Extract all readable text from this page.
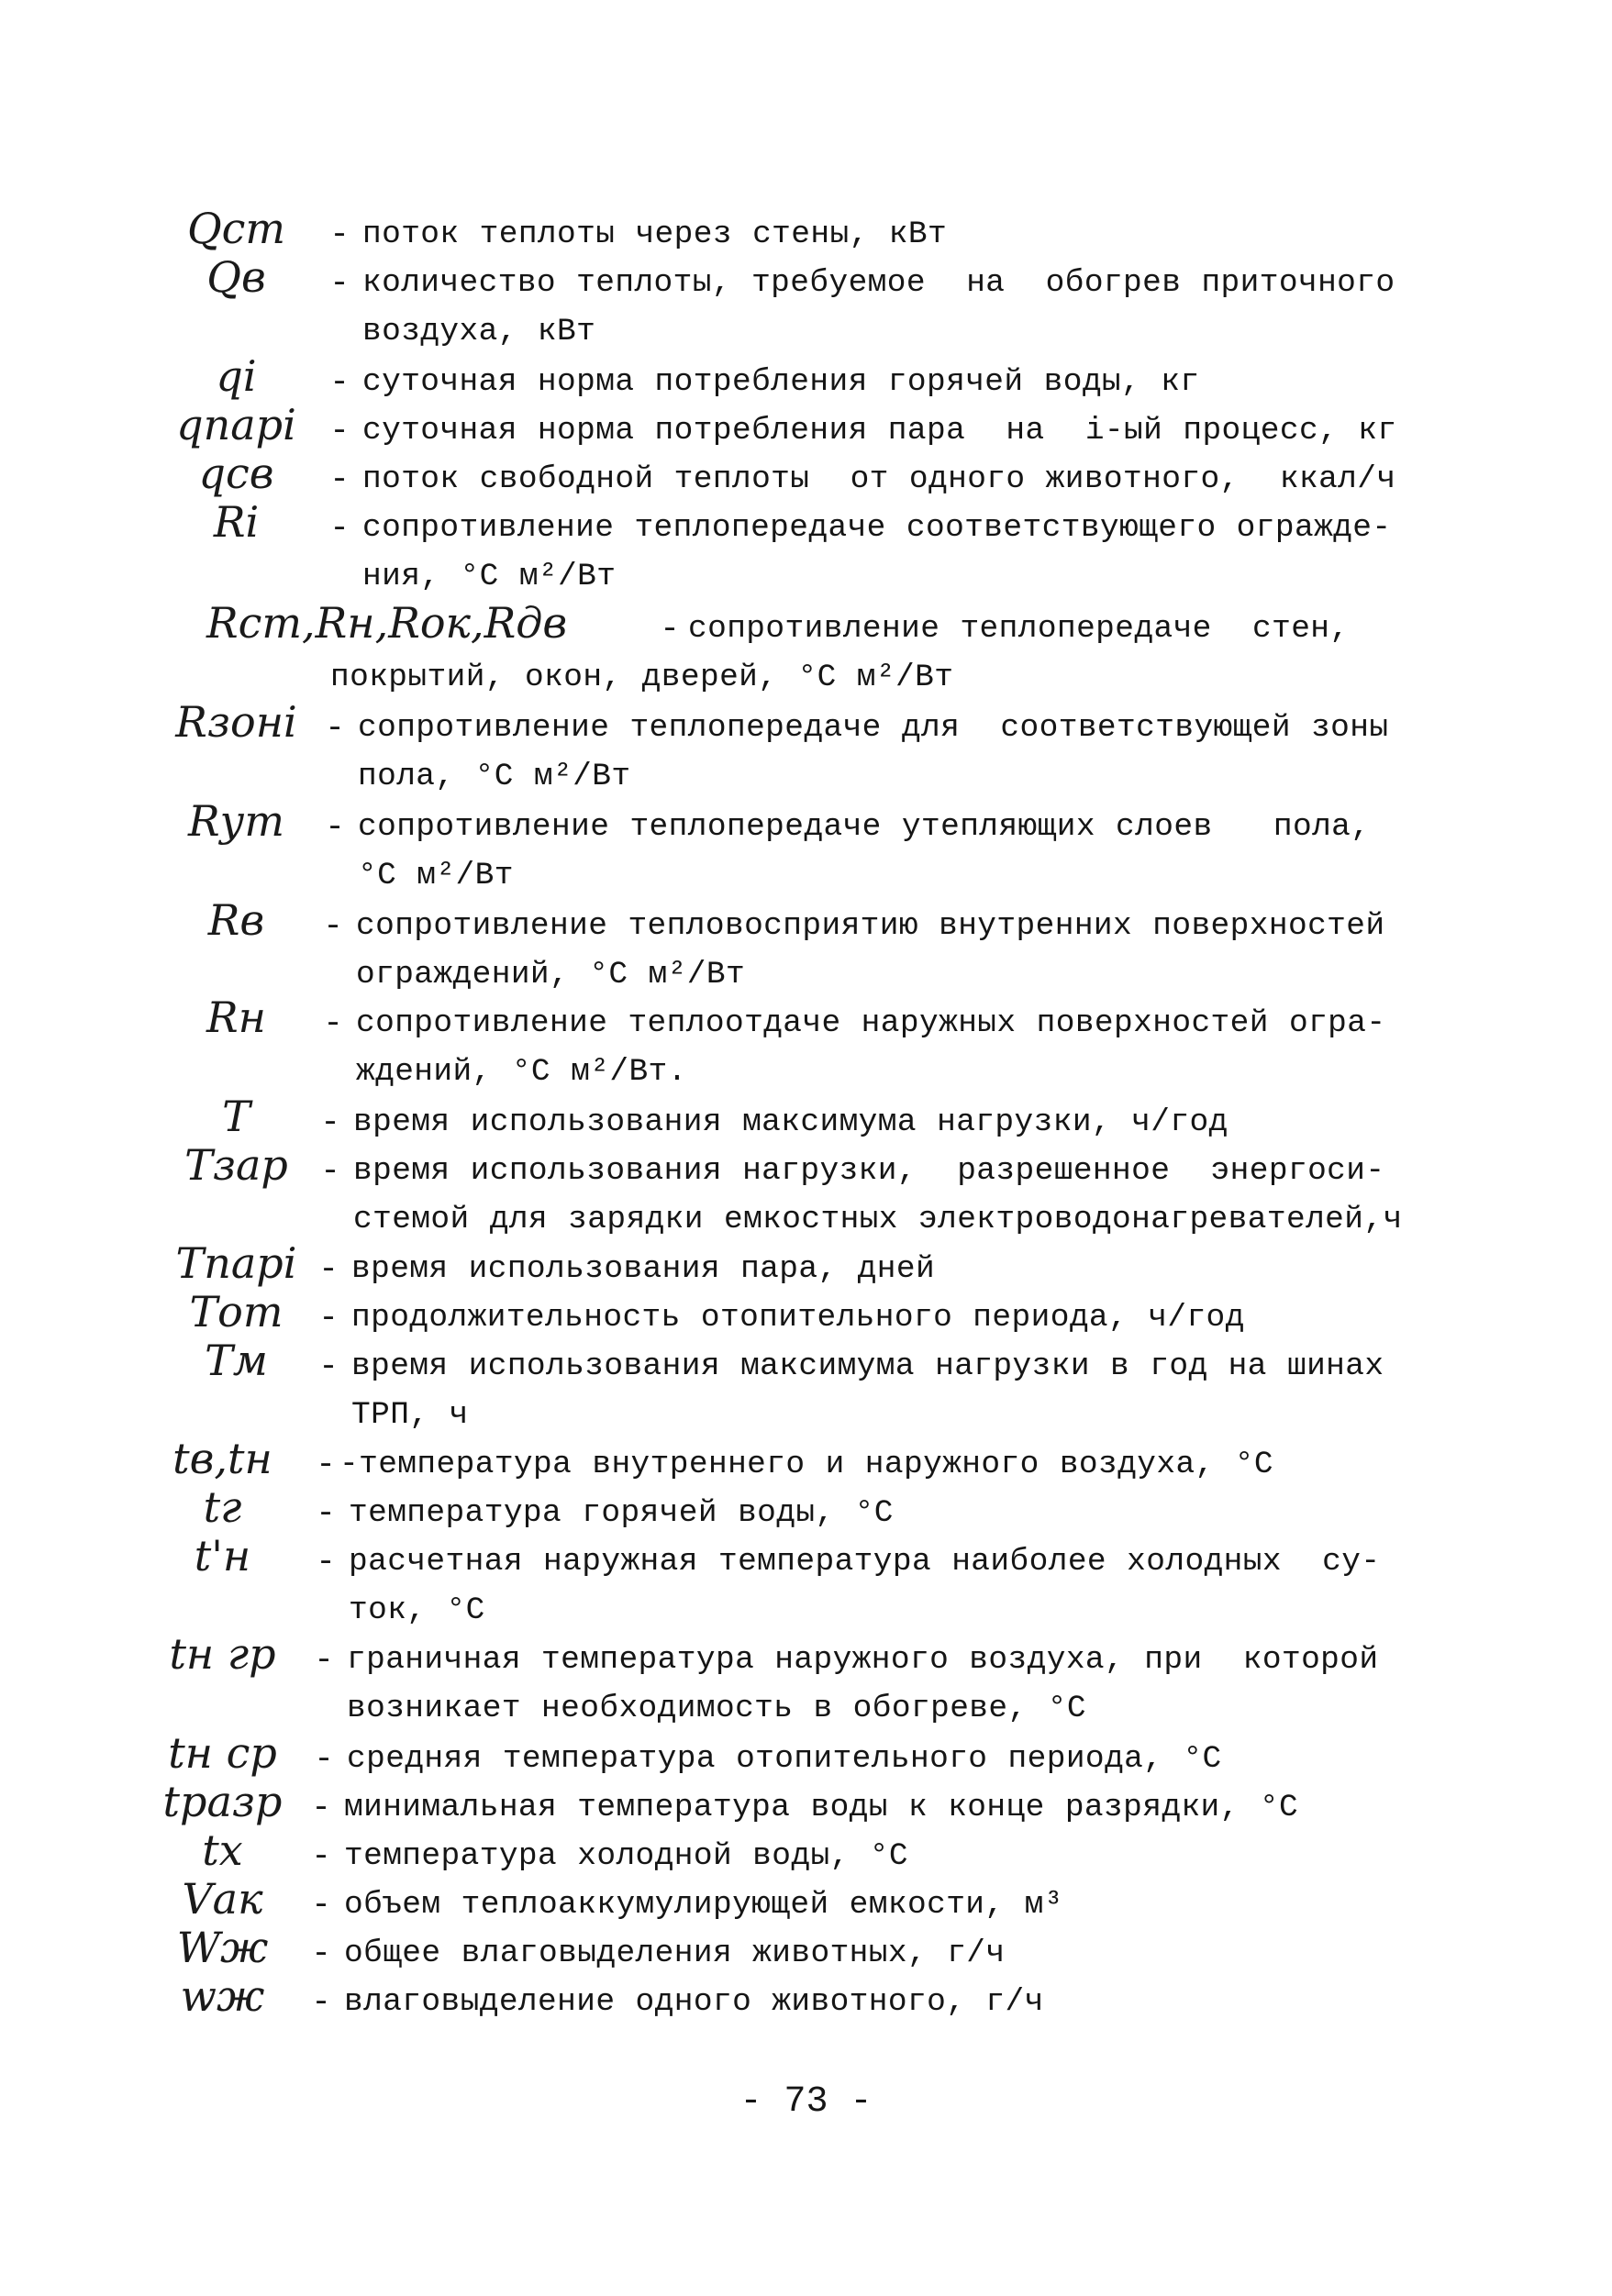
Qст	- поток теплоты через стены, кВт
Qв	- количество теплоты, требуемое  на  обогрев приточного
воздуха, кВт
qi	- суточная норма потребления горячей воды, кг
qпарi	- суточная норма потребления пара  на  i-ый процесс, кг
qсв	- поток свободной теплоты  от одного животного,  ккал/ч
Ri	- сопротивление теплопередаче соответствующего огражде-
ния, °С м²/Вт
Rст,Rн,Rок,Rдв	- сопротивление теплопередаче  стен,
покрытий, окон, дверей, °С м²/Вт
Rзонi - сопротивление теплопередаче для  соответствующей зоны
пола, °С м²/Вт
Rут	- сопротивление теплопередаче утепляющих слоев   пола,
°С м²/Вт
Rв	- сопротивление тепловосприятию внутренних поверхностей
ограждений, °С м²/Вт
Rн	- сопротивление теплоотдаче наружных поверхностей огра-
ждений, °С м²/Вт.
T	- время использования максимума нагрузки, ч/год
Tзар - время использования нагрузки,  разрешенное  энергоси-
стемой для зарядки емкостных электроводонагревателей,ч
Tпарi - время использования пара, дней
Tот	- продолжительность отопительного периода, ч/год
Tм	- время использования максимума нагрузки в год на шинах
ТРП, ч
tв,tн	- -температура внутреннего и наружного воздуха, °С
tг	- температура горячей воды, °С
t'н	- расчетная наружная температура наиболее холодных  су-
ток, °С
tн гр	- граничная температура наружного воздуха, при  которой
возникает необходимость в обогреве, °С
tн ср	- средняя температура отопительного периода, °С
tразр - минимальная температура воды к конце разрядки, °С
tх	- температура холодной воды, °С
Vак	- объем теплоаккумулирующей емкости, м³
Wж	- общее влаговыделения животных, г/ч
wж	- влаговыделение одного животного, г/ч
- 73 -
